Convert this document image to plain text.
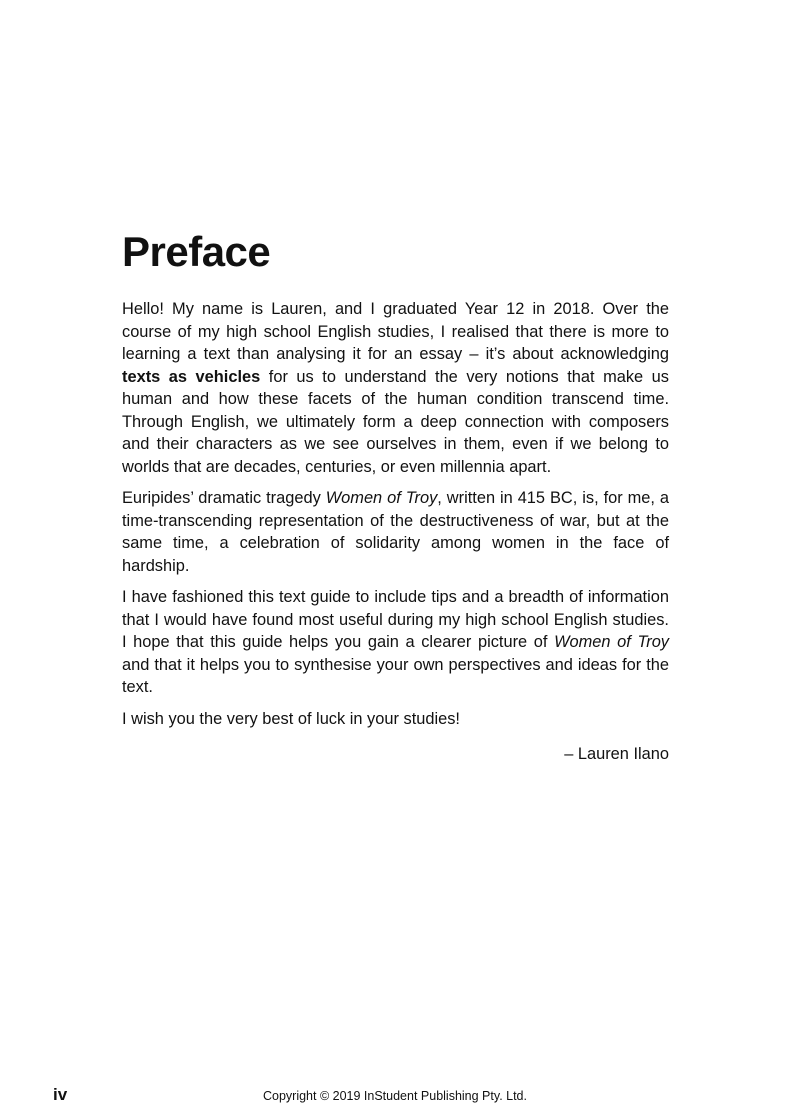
Preface

Hello! My name is Lauren, and I graduated Year 12 in 2018. Over the course of my high school English studies, I realised that there is more to learning a text than analysing it for an essay – it’s about acknowledging texts as vehicles for us to understand the very notions that make us human and how these facets of the human condition transcend time. Through English, we ultimately form a deep connection with composers and their characters as we see ourselves in them, even if we belong to worlds that are decades, centuries, or even millennia apart.

Euripides’ dramatic tragedy Women of Troy, written in 415 BC, is, for me, a time-transcending representation of the destructiveness of war, but at the same time, a celebration of solidarity among women in the face of hardship.

I have fashioned this text guide to include tips and a breadth of information that I would have found most useful during my high school English studies. I hope that this guide helps you gain a clearer picture of Women of Troy and that it helps you to synthesise your own perspectives and ideas for the text.

I wish you the very best of luck in your studies!

– Lauren Ilano

iv	Copyright © 2019 InStudent Publishing Pty. Ltd.
